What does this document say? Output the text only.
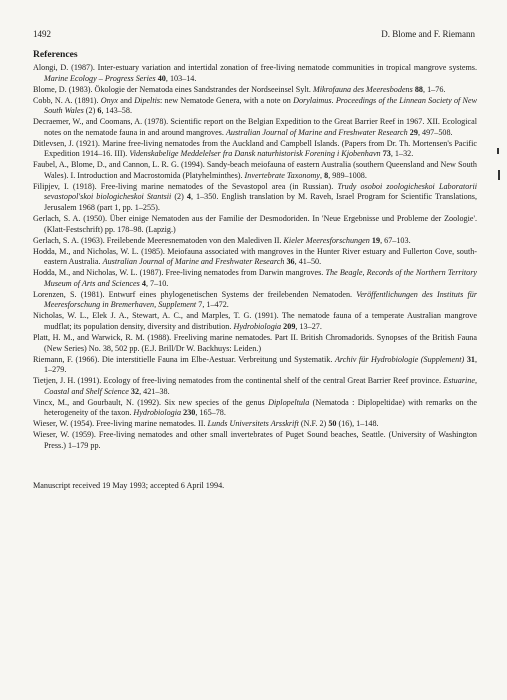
1492	D. Blome and F. Riemann
References
Alongi, D. (1987). Inter-estuary variation and intertidal zonation of free-living nematode communities in tropical mangrove systems. Marine Ecology – Progress Series 40, 103–14.
Blome, D. (1983). Ökologie der Nematoda eines Sandstrandes der Nordseeinsel Sylt. Mikrofauna des Meeresbodens 88, 1–76.
Cobb, N. A. (1891). Onyx and Dipeltis: new Nematode Genera, with a note on Dorylaimus. Proceedings of the Linnean Society of New South Wales (2) 6, 143–58.
Decraemer, W., and Coomans, A. (1978). Scientific report on the Belgian Expedition to the Great Barrier Reef in 1967. XII. Ecological notes on the nematode fauna in and around mangroves. Australian Journal of Marine and Freshwater Research 29, 497–508.
Ditlevsen, J. (1921). Marine free-living nematodes from the Auckland and Campbell Islands. (Papers from Dr. Th. Mortensen's Pacific Expedition 1914–16. III). Videnskabelige Meddelelser fra Dansk naturhistorisk Forening i Kjobenhavn 73, 1–32.
Faubel, A., Blome, D., and Cannon, L. R. G. (1994). Sandy-beach meiofauna of eastern Australia (southern Queensland and New South Wales). I. Introduction and Macrostomida (Platyhelminthes). Invertebrate Taxonomy, 8, 989–1008.
Filipjev, I. (1918). Free-living marine nematodes of the Sevastopol area (in Russian). Trudy osoboi zoologicheskoi Laboratorii sevastopol'skoi biologicheskoi Stantsii (2) 4, 1–350. English translation by M. Raveh, Israel Program for Scientific Translations, Jerusalem 1968 (part 1, pp. 1–255).
Gerlach, S. A. (1950). Über einige Nematoden aus der Familie der Desmodoriden. In 'Neue Ergebnisse und Probleme der Zoologie'. (Klatt-Festschrift) pp. 178–98. (Lapzig.)
Gerlach, S. A. (1963). Freilebende Meeresnematoden von den Malediven II. Kieler Meeresforschungen 19, 67–103.
Hodda, M., and Nicholas, W. L. (1985). Meiofauna associated with mangroves in the Hunter River estuary and Fullerton Cove, south-eastern Australia. Australian Journal of Marine and Freshwater Research 36, 41–50.
Hodda, M., and Nicholas, W. L. (1987). Free-living nematodes from Darwin mangroves. The Beagle, Records of the Northern Territory Museum of Arts and Sciences 4, 7–10.
Lorenzen, S. (1981). Entwurf eines phylogenetischen Systems der freilebenden Nematoden. Veröffentlichungen des Instituts für Meeresforschung in Bremerhaven, Supplement 7, 1–472.
Nicholas, W. L., Elek J. A., Stewart, A. C., and Marples, T. G. (1991). The nematode fauna of a temperate Australian mangrove mudflat; its population density, diversity and distribution. Hydrobiologia 209, 13–27.
Platt, H. M., and Warwick, R. M. (1988). Freeliving marine nematodes. Part II. British Chromadorids. Synopses of the British Fauna (New Series) No. 38, 502 pp. (E.J. Brill/Dr W. Backhuys: Leiden.)
Riemann, F. (1966). Die interstitielle Fauna im Elbe-Aestuar. Verbreitung und Systematik. Archiv für Hydrobiologie (Supplement) 31, 1–279.
Tietjen, J. H. (1991). Ecology of free-living nematodes from the continental shelf of the central Great Barrier Reef province. Estuarine, Coastal and Shelf Science 32, 421–38.
Vincx, M., and Gourbault, N. (1992). Six new species of the genus Diplopeltula (Nematoda : Diplopeltidae) with remarks on the heterogeneity of the taxon. Hydrobiologia 230, 165–78.
Wieser, W. (1954). Free-living marine nematodes. II. Lunds Universitets Arsskrift (N.F. 2) 50 (16), 1–148.
Wieser, W. (1959). Free-living nematodes and other small invertebrates of Puget Sound beaches, Seattle. (University of Washington Press.) 1–179 pp.
Manuscript received 19 May 1993; accepted 6 April 1994.
